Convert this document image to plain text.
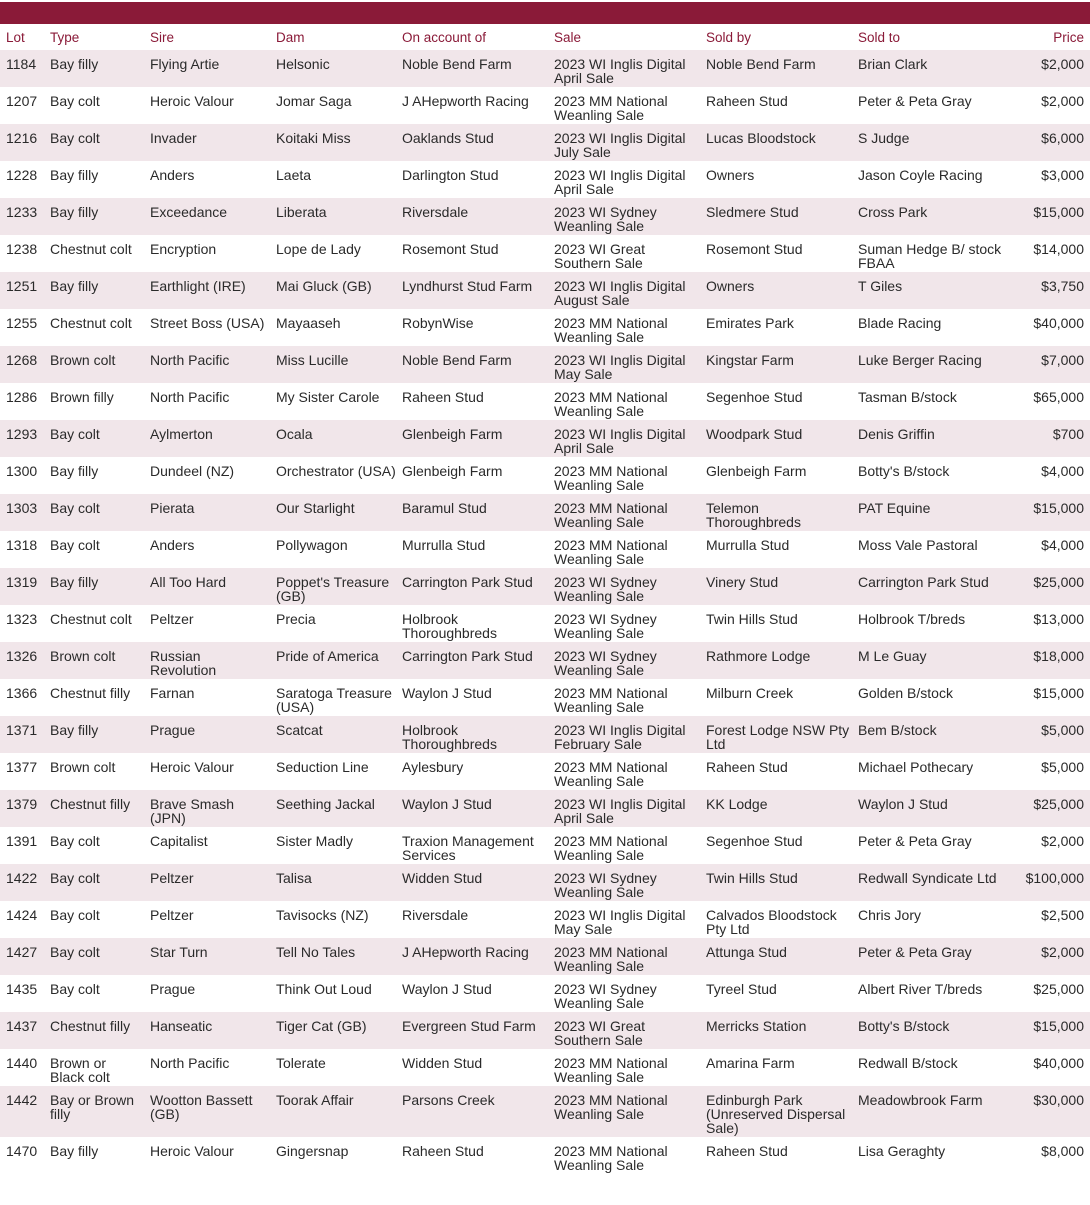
Lot	Type	Sire	Dam	On account of	Sale	Sold by	Sold to	Price
1184	Bay filly	Flying Artie	Helsonic	Noble Bend Farm	2023 WI Inglis Digital April Sale	Noble Bend Farm	Brian Clark	$2,000
1207	Bay colt	Heroic Valour	Jomar Saga	J AHepworth Racing	2023 MM National Weanling Sale	Raheen Stud	Peter & Peta Gray	$2,000
1216	Bay colt	Invader	Koitaki Miss	Oaklands Stud	2023 WI Inglis Digital July Sale	Lucas Bloodstock	S Judge	$6,000
1228	Bay filly	Anders	Laeta	Darlington Stud	2023 WI Inglis Digital April Sale	Owners	Jason Coyle Racing	$3,000
1233	Bay filly	Exceedance	Liberata	Riversdale	2023 WI Sydney Weanling Sale	Sledmere Stud	Cross Park	$15,000
1238	Chestnut colt	Encryption	Lope de Lady	Rosemont Stud	2023 WI Great Southern Sale	Rosemont Stud	Suman Hedge B/ stock FBAA	$14,000
1251	Bay filly	Earthlight (IRE)	Mai Gluck (GB)	Lyndhurst Stud Farm	2023 WI Inglis Digital August Sale	Owners	T Giles	$3,750
1255	Chestnut colt	Street Boss (USA)	Mayaaseh	RobynWise	2023 MM National Weanling Sale	Emirates Park	Blade Racing	$40,000
1268	Brown colt	North Pacific	Miss Lucille	Noble Bend Farm	2023 WI Inglis Digital May Sale	Kingstar Farm	Luke Berger Racing	$7,000
1286	Brown filly	North Pacific	My Sister Carole	Raheen Stud	2023 MM National Weanling Sale	Segenhoe Stud	Tasman B/stock	$65,000
1293	Bay colt	Aylmerton	Ocala	Glenbeigh Farm	2023 WI Inglis Digital April Sale	Woodpark Stud	Denis Griffin	$700
1300	Bay filly	Dundeel (NZ)	Orchestrator (USA)	Glenbeigh Farm	2023 MM National Weanling Sale	Glenbeigh Farm	Botty's B/stock	$4,000
1303	Bay colt	Pierata	Our Starlight	Baramul Stud	2023 MM National Weanling Sale	Telemon Thoroughbreds	PAT Equine	$15,000
1318	Bay colt	Anders	Pollywagon	Murrulla Stud	2023 MM National Weanling Sale	Murrulla Stud	Moss Vale Pastoral	$4,000
1319	Bay filly	All Too Hard	Poppet's Treasure (GB)	Carrington Park Stud	2023 WI Sydney Weanling Sale	Vinery Stud	Carrington Park Stud	$25,000
1323	Chestnut colt	Peltzer	Precia	Holbrook Thoroughbreds	2023 WI Sydney Weanling Sale	Twin Hills Stud	Holbrook T/breds	$13,000
1326	Brown colt	Russian Revolution	Pride of America	Carrington Park Stud	2023 WI Sydney Weanling Sale	Rathmore Lodge	M Le Guay	$18,000
1366	Chestnut filly	Farnan	Saratoga Treasure (USA)	Waylon J Stud	2023 MM National Weanling Sale	Milburn Creek	Golden B/stock	$15,000
1371	Bay filly	Prague	Scatcat	Holbrook Thoroughbreds	2023 WI Inglis Digital February Sale	Forest Lodge NSW Pty Ltd	Bem B/stock	$5,000
1377	Brown colt	Heroic Valour	Seduction Line	Aylesbury	2023 MM National Weanling Sale	Raheen Stud	Michael Pothecary	$5,000
1379	Chestnut filly	Brave Smash (JPN)	Seething Jackal	Waylon J Stud	2023 WI Inglis Digital April Sale	KK Lodge	Waylon J Stud	$25,000
1391	Bay colt	Capitalist	Sister Madly	Traxion Management Services	2023 MM National Weanling Sale	Segenhoe Stud	Peter & Peta Gray	$2,000
1422	Bay colt	Peltzer	Talisa	Widden Stud	2023 WI Sydney Weanling Sale	Twin Hills Stud	Redwall Syndicate Ltd	$100,000
1424	Bay colt	Peltzer	Tavisocks (NZ)	Riversdale	2023 WI Inglis Digital May Sale	Calvados Bloodstock Pty Ltd	Chris Jory	$2,500
1427	Bay colt	Star Turn	Tell No Tales	J AHepworth Racing	2023 MM National Weanling Sale	Attunga Stud	Peter & Peta Gray	$2,000
1435	Bay colt	Prague	Think Out Loud	Waylon J Stud	2023 WI Sydney Weanling Sale	Tyreel Stud	Albert River T/breds	$25,000
1437	Chestnut filly	Hanseatic	Tiger Cat (GB)	Evergreen Stud Farm	2023 WI Great Southern Sale	Merricks Station	Botty's B/stock	$15,000
1440	Brown or Black colt	North Pacific	Tolerate	Widden Stud	2023 MM National Weanling Sale	Amarina Farm	Redwall B/stock	$40,000
1442	Bay or Brown filly	Wootton Bassett (GB)	Toorak Affair	Parsons Creek	2023 MM National Weanling Sale	Edinburgh Park (Unreserved Dispersal Sale)	Meadowbrook Farm	$30,000
1470	Bay filly	Heroic Valour	Gingersnap	Raheen Stud	2023 MM National Weanling Sale	Raheen Stud	Lisa Geraghty	$8,000
